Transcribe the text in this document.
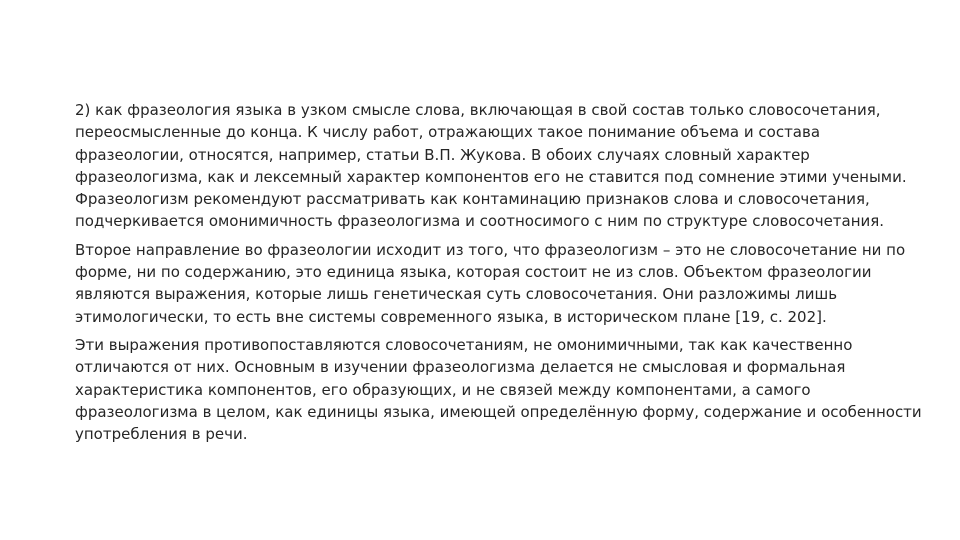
2) как фразеология языка в узком смысле слова, включающая в свой состав только словосочетания,
переосмысленные до конца. К числу работ, отражающих такое понимание объема и состава
фразеологии, относятся, например, статьи В.П. Жукова. В обоих случаях словный характер
фразеологизма, как и лексемный характер компонентов его не ставится под сомнение этими учеными.
Фразеологизм рекомендуют рассматривать как контаминацию признаков слова и словосочетания,
подчеркивается омонимичность фразеологизма и соотносимого с ним по структуре словосочетания.

Второе направление во фразеологии исходит из того, что фразеологизм – это не словосочетание ни по
форме, ни по содержанию, это единица языка, которая состоит не из слов. Объектом фразеологии
являются выражения, которые лишь генетическая суть словосочетания. Они разложимы лишь
этимологически, то есть вне системы современного языка, в историческом плане [19, с. 202].

Эти выражения противопоставляются словосочетаниям, не омонимичными, так как качественно
отличаются от них. Основным в изучении фразеологизма делается не смысловая и формальная
характеристика компонентов, его образующих, и не связей между компонентами, а самого
фразеологизма в целом, как единицы языка, имеющей определённую форму, содержание и особенности
употребления в речи.
